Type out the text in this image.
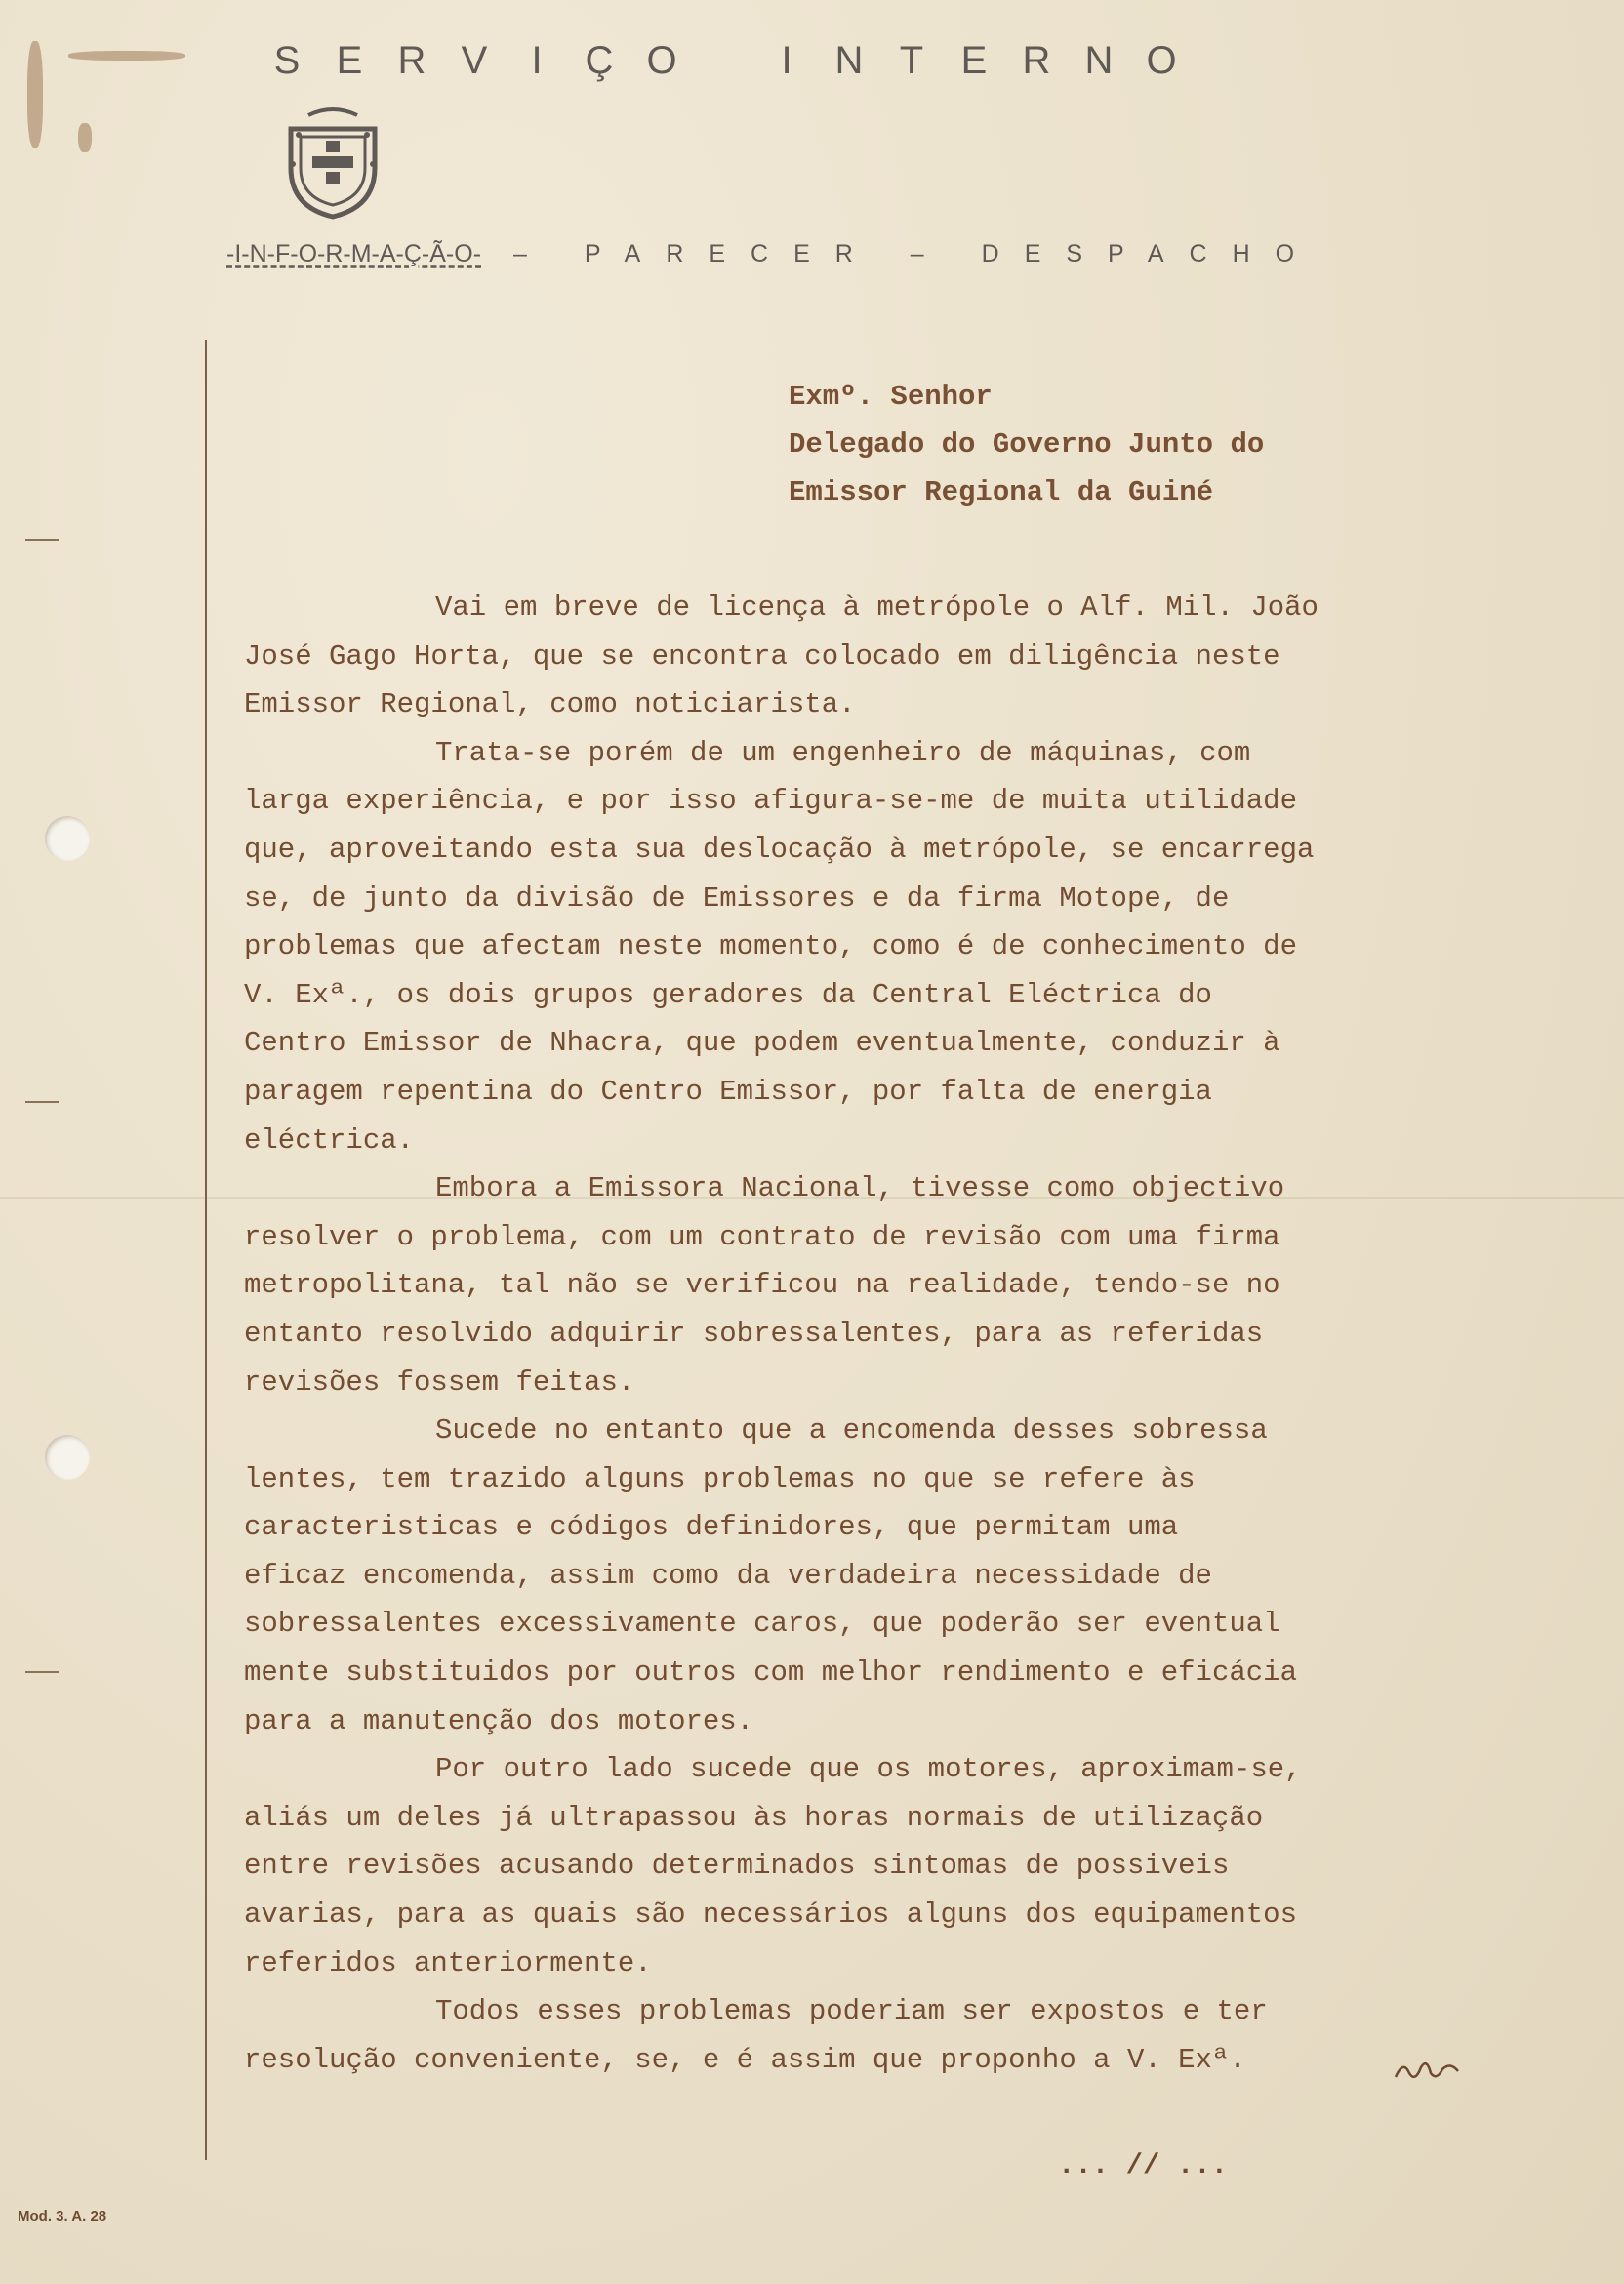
S E R V I Ç O	I N T E R N O
-I-N-F-O-R-M-A-Ç-Ã-O- – PARECER – DESPACHO
Exmº. Senhor
Delegado do Governo Junto do
Emissor Regional da Guiné
Vai em breve de licença à metrópole o Alf. Mil. João
José Gago Horta, que se encontra colocado em diligência neste
Emissor Regional, como noticiarista.
Trata-se porém de um engenheiro de máquinas, com
larga experiência, e por isso afigura-se-me de muita utilidade
que, aproveitando esta sua deslocação à metrópole, se encarrega
se, de junto da divisão de Emissores e da firma Motope, de
problemas que afectam neste momento, como é de conhecimento de
V. Exª., os dois grupos geradores da Central Eléctrica do
Centro Emissor de Nhacra, que podem eventualmente, conduzir à
paragem repentina do Centro Emissor, por falta de energia
eléctrica.
Embora a Emissora Nacional, tivesse como objectivo
resolver o problema, com um contrato de revisão com uma firma
metropolitana, tal não se verificou na realidade, tendo-se no
entanto resolvido adquirir sobressalentes, para as referidas
revisões fossem feitas.
Sucede no entanto que a encomenda desses sobressa
lentes, tem trazido alguns problemas no que se refere às
caracteristicas e códigos definidores, que permitam uma
eficaz encomenda, assim como da verdadeira necessidade de
sobressalentes excessivamente caros, que poderão ser eventual
mente substituidos por outros com melhor rendimento e eficácia
para a manutenção dos motores.
Por outro lado sucede que os motores, aproximam-se,
aliás um deles já ultrapassou às horas normais de utilização
entre revisões acusando determinados sintomas de possiveis
avarias, para as quais são necessários alguns dos equipamentos
referidos anteriormente.
Todos esses problemas poderiam ser expostos e ter
resolução conveniente, se, e é assim que proponho a V. Exª.
... // ...
Mod. 3. A. 28
